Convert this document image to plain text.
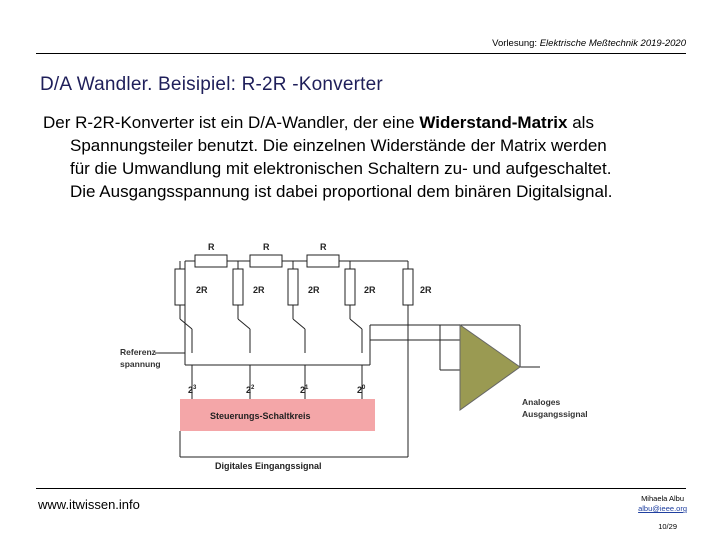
Vorlesung: Elektrische Meßtechnik 2019-2020
D/A Wandler. Beisipiel: R-2R -Konverter
Der R-2R-Konverter ist ein D/A-Wandler, der eine Widerstand-Matrix als
Spannungsteiler benutzt. Die einzelnen Widerstände der Matrix werden
für die Umwandlung mit elektronischen Schaltern zu- und aufgeschaltet.
Die Ausgangsspannung ist dabei proportional dem binären Digitalsignal.
R	R	R
2R	2R	2R	2R	2R
Referenz-
spannung
$2^3$	$2^2$	$2^1$	$2^0$
Steuerungs-Schaltkreis
Analoges
Ausgangssignal
Digitales Eingangssignal
www.itwissen.info	Mihaela Albu
albu@ieee.org
10/29
